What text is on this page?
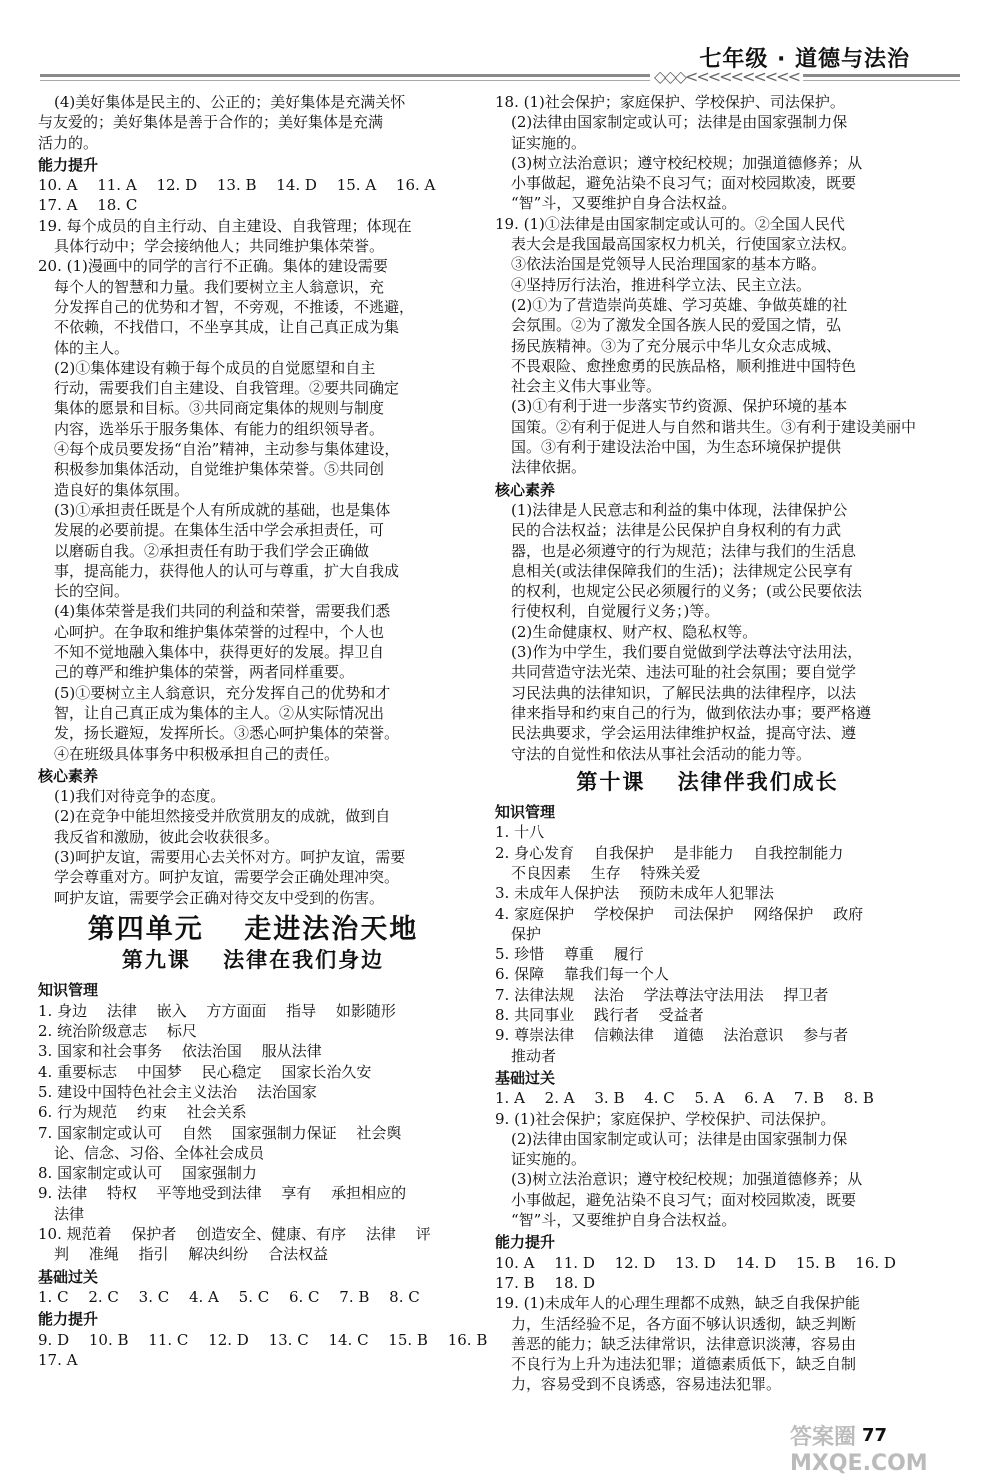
◇◇◇<<<<<<<<<<
七年级 · 道德与法治
(4)美好集体是民主的、公正的；美好集体是充满关怀
与友爱的；美好集体是善于合作的；美好集体是充满
活力的。
能力提升
10. A　 11. A　 12. D　 13. B　 14. D　 15. A　 16. A
17. A　 18. C
19. 每个成员的自主行动、自主建设、自我管理；体现在
具体行动中；学会接纳他人；共同维护集体荣誉。
20. (1)漫画中的同学的言行不正确。集体的建设需要
每个人的智慧和力量。我们要树立主人翁意识，充
分发挥自己的优势和才智，不旁观，不推诿，不逃避，
不依赖，不找借口，不坐享其成，让自己真正成为集
体的主人。
(2)①集体建设有赖于每个成员的自觉愿望和自主
行动，需要我们自主建设、自我管理。②要共同确定
集体的愿景和目标。③共同商定集体的规则与制度
内容，选举乐于服务集体、有能力的组织领导者。
④每个成员要发扬“自治”精神，主动参与集体建设，
积极参加集体活动，自觉维护集体荣誉。⑤共同创
造良好的集体氛围。
(3)①承担责任既是个人有所成就的基础，也是集体
发展的必要前提。在集体生活中学会承担责任，可
以磨砺自我。②承担责任有助于我们学会正确做
事，提高能力，获得他人的认可与尊重，扩大自我成
长的空间。
(4)集体荣誉是我们共同的利益和荣誉，需要我们悉
心呵护。在争取和维护集体荣誉的过程中，个人也
不知不觉地融入集体中，获得更好的发展。捍卫自
己的尊严和维护集体的荣誉，两者同样重要。
(5)①要树立主人翁意识，充分发挥自己的优势和才
智，让自己真正成为集体的主人。②从实际情况出
发，扬长避短，发挥所长。③悉心呵护集体的荣誉。
④在班级具体事务中积极承担自己的责任。
核心素养
(1)我们对待竞争的态度。
(2)在竞争中能坦然接受并欣赏朋友的成就，做到自
我反省和激励，彼此会收获很多。
(3)呵护友谊，需要用心去关怀对方。呵护友谊，需要
学会尊重对方。呵护友谊，需要学会正确处理冲突。
呵护友谊，需要学会正确对待交友中受到的伤害。
第四单元　 走进法治天地
第九课　 法律在我们身边
知识管理
1. 身边　 法律　 嵌入　 方方面面　 指导　 如影随形
2. 统治阶级意志　 标尺
3. 国家和社会事务　 依法治国　 服从法律
4. 重要标志　 中国梦　 民心稳定　 国家长治久安
5. 建设中国特色社会主义法治　 法治国家
6. 行为规范　 约束　 社会关系
7. 国家制定或认可　 自然　 国家强制力保证　 社会舆
论、信念、习俗、全体社会成员
8. 国家制定或认可　 国家强制力
9. 法律　 特权　 平等地受到法律　 享有　 承担相应的
法律
10. 规范着　 保护者　 创造安全、健康、有序　 法律　 评
判　 准绳　 指引　 解决纠纷　 合法权益
基础过关
1. C　 2. C　 3. C　 4. A　 5. C　 6. C　 7. B　 8. C
能力提升
9. D　 10. B　 11. C　 12. D　 13. C　 14. C　 15. B　 16. B
17. A
18. (1)社会保护；家庭保护、学校保护、司法保护。
(2)法律由国家制定或认可；法律是由国家强制力保
证实施的。
(3)树立法治意识；遵守校纪校规；加强道德修养；从
小事做起，避免沾染不良习气；面对校园欺凌，既要
“智”斗，又要维护自身合法权益。
19. (1)①法律是由国家制定或认可的。②全国人民代
表大会是我国最高国家权力机关，行使国家立法权。
③依法治国是党领导人民治理国家的基本方略。
④坚持厉行法治，推进科学立法、民主立法。
(2)①为了营造崇尚英雄、学习英雄、争做英雄的社
会氛围。②为了激发全国各族人民的爱国之情，弘
扬民族精神。③为了充分展示中华儿女众志成城、
不畏艰险、愈挫愈勇的民族品格，顺利推进中国特色
社会主义伟大事业等。
(3)①有利于进一步落实节约资源、保护环境的基本
国策。②有利于促进人与自然和谐共生。③有利于建设美丽中
国。③有利于建设法治中国，为生态环境保护提供
法律依据。
核心素养
(1)法律是人民意志和利益的集中体现，法律保护公
民的合法权益；法律是公民保护自身权利的有力武
器，也是必须遵守的行为规范；法律与我们的生活息
息相关(或法律保障我们的生活)；法律规定公民享有
的权利，也规定公民必须履行的义务；(或公民要依法
行使权利，自觉履行义务；)等。
(2)生命健康权、财产权、隐私权等。
(3)作为中学生，我们要自觉做到学法尊法守法用法，
共同营造守法光荣、违法可耻的社会氛围；要自觉学
习民法典的法律知识，了解民法典的法律程序，以法
律来指导和约束自己的行为，做到依法办事；要严格遵
民法典要求，学会运用法律维护权益，提高守法、遵
守法的自觉性和依法从事社会活动的能力等。
第十课　 法律伴我们成长
知识管理
1. 十八
2. 身心发育　 自我保护　 是非能力　 自我控制能力
不良因素　 生存　 特殊关爱
3. 未成年人保护法　 预防未成年人犯罪法
4. 家庭保护　 学校保护　 司法保护　 网络保护　 政府
保护
5. 珍惜　 尊重　 履行
6. 保障　 靠我们每一个人
7. 法律法规　 法治　 学法尊法守法用法　 捍卫者
8. 共同事业　 践行者　 受益者
9. 尊崇法律　 信赖法律　 道德　 法治意识　 参与者
推动者
基础过关
1. A　 2. A　 3. B　 4. C　 5. A　 6. A　 7. B　 8. B
9. (1)社会保护；家庭保护、学校保护、司法保护。
(2)法律由国家制定或认可；法律是由国家强制力保
证实施的。
(3)树立法治意识；遵守校纪校规；加强道德修养；从
小事做起，避免沾染不良习气；面对校园欺凌，既要
“智”斗，又要维护自身合法权益。
能力提升
10. A　 11. D　 12. D　 13. D　 14. D　 15. B　 16. D
17. B　 18. D
19. (1)未成年人的心理生理都不成熟，缺乏自我保护能
力，生活经验不足，各方面不够认识透彻，缺乏判断
善恶的能力；缺乏法律常识，法律意识淡薄，容易由
不良行为上升为违法犯罪；道德素质低下，缺乏自制
力，容易受到不良诱惑，容易违法犯罪。
答案圈 MXQE.COM
77
